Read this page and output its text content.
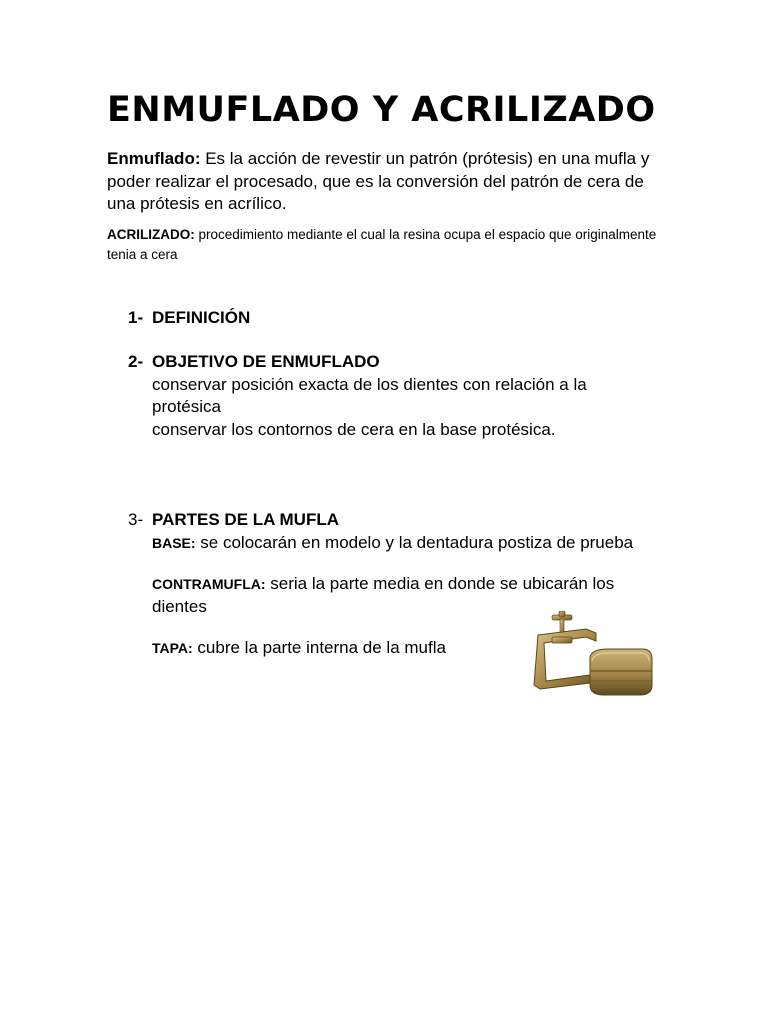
ENMUFLADO Y ACRILIZADO

Enmuflado: Es la acción de revestir un patrón (prótesis) en una mufla y poder realizar el procesado, que es la conversión del patrón de cera de una prótesis en acrílico.

ACRILIZADO: procedimiento mediante el cual la resina ocupa el espacio que originalmente tenia a cera

1- DEFINICIÓN
2- OBJETIVO DE ENMUFLADO
conservar posición exacta de los dientes con relación a la protésica
conservar los contornos de cera en la base protésica.
3- PARTES DE LA MUFLA
BASE: se colocarán en modelo y la dentadura postiza de prueba
CONTRAMUFLA: seria la parte media en donde se ubicarán los dientes
TAPA: cubre la parte interna de la mufla
